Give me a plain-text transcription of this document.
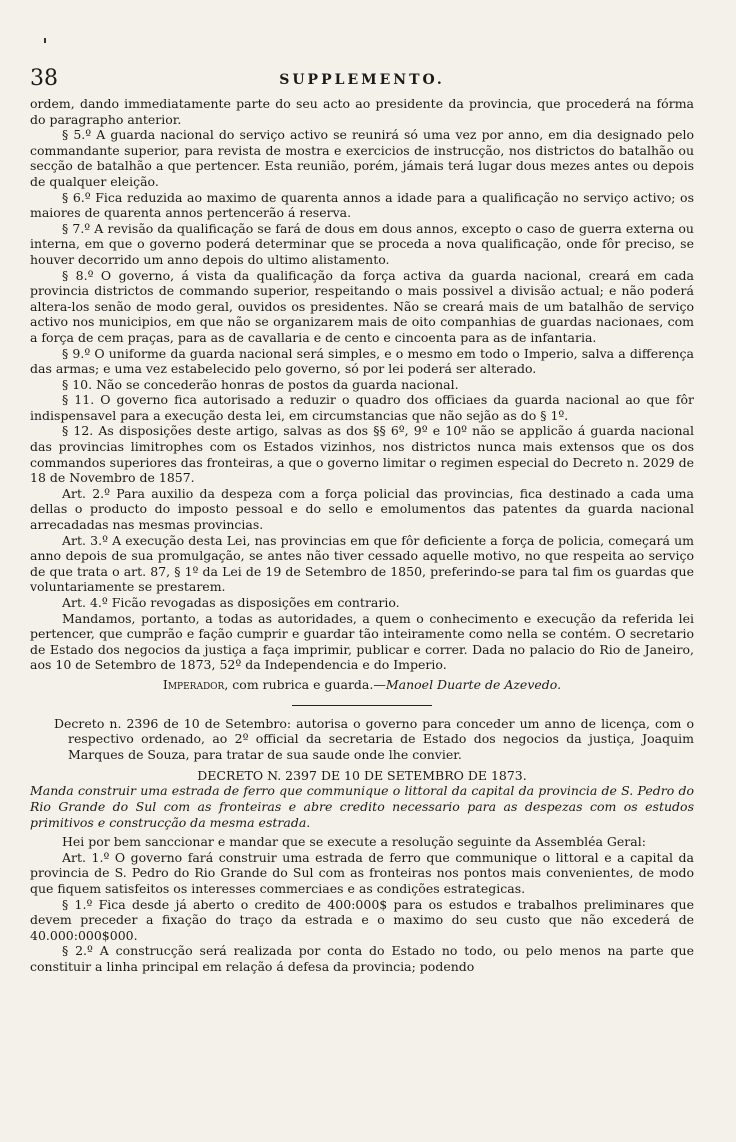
38	SUPPLEMENTO.

ordem, dando immediatamente parte do seu acto ao presidente da provincia, que procederá na fórma do paragrapho anterior.

§ 5.º A guarda nacional do serviço activo se reunirá só uma vez por anno, em dia designado pelo commandante superior, para revista de mostra e exercicios de instrucção, nos districtos do batalhão ou secção de batalhão a que pertencer. Esta reunião, porém, jámais terá lugar dous mezes antes ou depois de qualquer eleição.

§ 6.º Fica reduzida ao maximo de quarenta annos a idade para a qualificação no serviço activo; os maiores de quarenta annos pertencerão á reserva.

§ 7.º A revisão da qualificação se fará de dous em dous annos, excepto o caso de guerra externa ou interna, em que o governo poderá determinar que se proceda a nova qualificação, onde fôr preciso, se houver decorrido um anno depois do ultimo alistamento.

§ 8.º O governo, á vista da qualificação da força activa da guarda nacional, creará em cada provincia districtos de commando superior, respeitando o mais possivel a divisão actual; e não poderá altera-los senão de modo geral, ouvidos os presidentes. Não se creará mais de um batalhão de serviço activo nos municipios, em que não se organizarem mais de oito companhias de guardas nacionaes, com a força de cem praças, para as de cavallaria e de cento e cincoenta para as de infantaria.

§ 9.º O uniforme da guarda nacional será simples, e o mesmo em todo o Imperio, salva a differença das armas; e uma vez estabelecido pelo governo, só por lei poderá ser alterado.

§ 10. Não se concederão honras de postos da guarda nacional.

§ 11. O governo fica autorisado a reduzir o quadro dos officiaes da guarda nacional ao que fôr indispensavel para a execução desta lei, em circumstancias que não sejão as do § 1º.

§ 12. As disposições deste artigo, salvas as dos §§ 6º, 9º e 10º não se applicão á guarda nacional das provincias limitrophes com os Estados vizinhos, nos districtos nunca mais extensos que os dos commandos superiores das fronteiras, a que o governo limitar o regimen especial do Decreto n. 2029 de 18 de Novembro de 1857.

Art. 2.º Para auxilio da despeza com a força policial das provincias, fica destinado a cada uma dellas o producto do imposto pessoal e do sello e emolumentos das patentes da guarda nacional arrecadadas nas mesmas provincias.

Art. 3.º A execução desta Lei, nas provincias em que fôr deficiente a força de policia, começará um anno depois de sua promulgação, se antes não tiver cessado aquelle motivo, no que respeita ao serviço de que trata o art. 87, § 1º da Lei de 19 de Setembro de 1850, preferindo-se para tal fim os guardas que voluntariamente se prestarem.

Art. 4.º Ficão revogadas as disposições em contrario.

Mandamos, portanto, a todas as autoridades, a quem o conhecimento e execução da referida lei pertencer, que cumprão e fação cumprir e guardar tão inteiramente como nella se contém. O secretario de Estado dos negocios da justiça a faça imprimir, publicar e correr. Dada no palacio do Rio de Janeiro, aos 10 de Setembro de 1873, 52º da Independencia e do Imperio.

Imperador, com rubrica e guarda.—Manoel Duarte de Azevedo.

Decreto n. 2396 de 10 de Setembro: autorisa o governo para conceder um anno de licença, com o respectivo ordenado, ao 2º official da secretaria de Estado dos negocios da justiça, Joaquim Marques de Souza, para tratar de sua saude onde lhe convier.

DECRETO N. 2397 DE 10 DE SETEMBRO DE 1873.

Manda construir uma estrada de ferro que communique o littoral da capital da provincia de S. Pedro do Rio Grande do Sul com as fronteiras e abre credito necessario para as despezas com os estudos primitivos e construcção da mesma estrada.

Hei por bem sanccionar e mandar que se execute a resolução seguinte da Assembléa Geral:

Art. 1.º O governo fará construir uma estrada de ferro que communique o littoral e a capital da provincia de S. Pedro do Rio Grande do Sul com as fronteiras nos pontos mais convenientes, de modo que fiquem satisfeitos os interesses commerciaes e as condições estrategicas.

§ 1.º Fica desde já aberto o credito de 400:000$ para os estudos e trabalhos preliminares que devem preceder a fixação do traço da estrada e o maximo do seu custo que não excederá de 40.000:000$000.

§ 2.º A construcção será realizada por conta do Estado no todo, ou pelo menos na parte que constituir a linha principal em relação á defesa da provincia; podendo
